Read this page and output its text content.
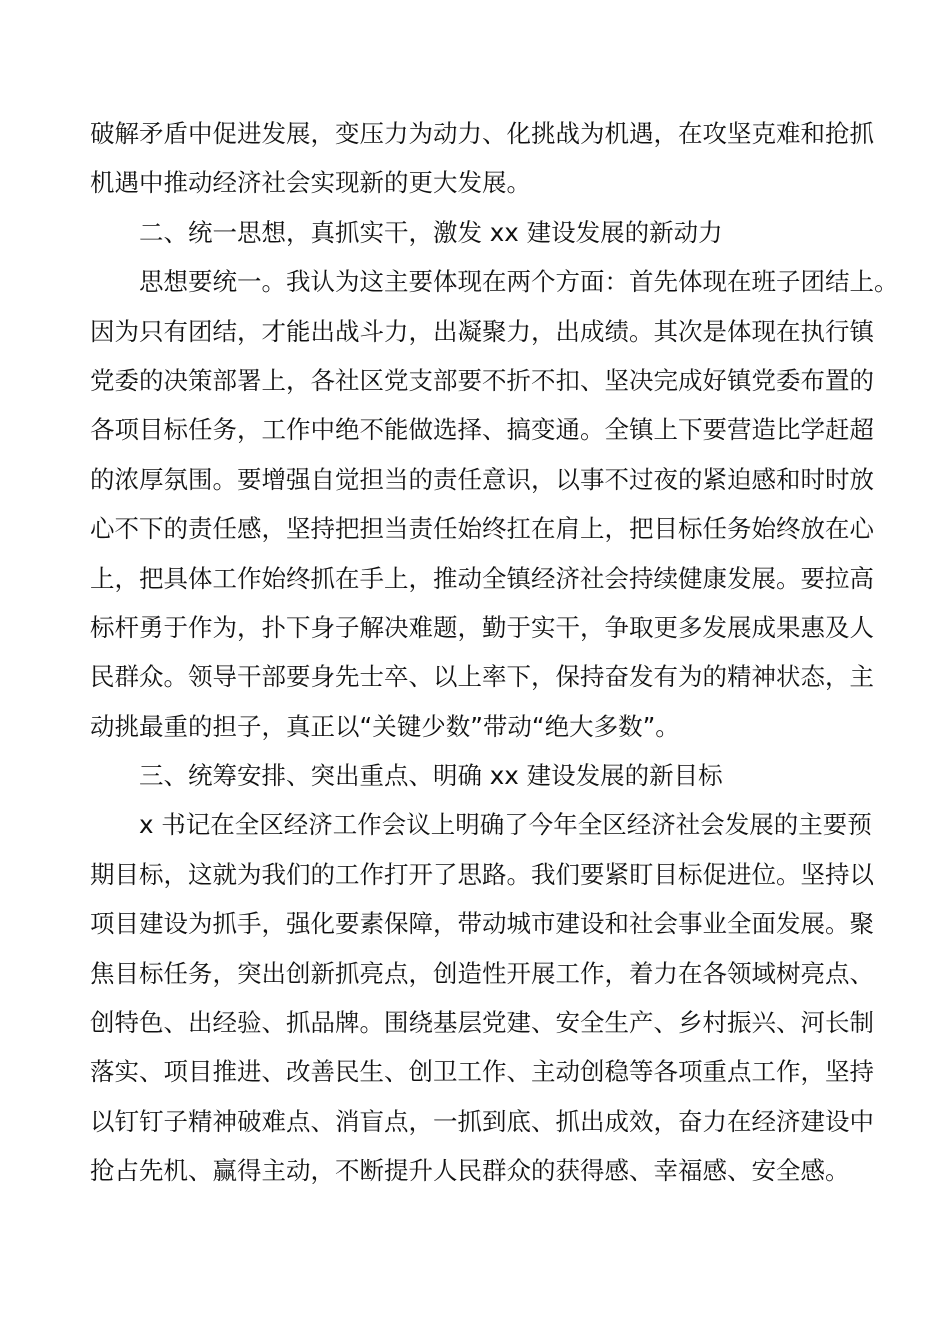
破解矛盾中促进发展，变压力为动力、化挑战为机遇，在攻坚克难和抢抓
机遇中推动经济社会实现新的更大发展。
二、统一思想，真抓实干，激发 xx 建设发展的新动力
思想要统一。我认为这主要体现在两个方面：首先体现在班子团结上。
因为只有团结，才能出战斗力，出凝聚力，出成绩。其次是体现在执行镇
党委的决策部署上，各社区党支部要不折不扣、坚决完成好镇党委布置的
各项目标任务，工作中绝不能做选择、搞变通。全镇上下要营造比学赶超
的浓厚氛围。要增强自觉担当的责任意识，以事不过夜的紧迫感和时时放
心不下的责任感，坚持把担当责任始终扛在肩上，把目标任务始终放在心
上，把具体工作始终抓在手上，推动全镇经济社会持续健康发展。要拉高
标杆勇于作为，扑下身子解决难题，勤于实干，争取更多发展成果惠及人
民群众。领导干部要身先士卒、以上率下，保持奋发有为的精神状态，主
动挑最重的担子，真正以“关键少数”带动“绝大多数”。
三、统筹安排、突出重点、明确 xx 建设发展的新目标
x 书记在全区经济工作会议上明确了今年全区经济社会发展的主要预
期目标，这就为我们的工作打开了思路。我们要紧盯目标促进位。坚持以
项目建设为抓手，强化要素保障，带动城市建设和社会事业全面发展。聚
焦目标任务，突出创新抓亮点，创造性开展工作，着力在各领域树亮点、
创特色、出经验、抓品牌。围绕基层党建、安全生产、乡村振兴、河长制
落实、项目推进、改善民生、创卫工作、主动创稳等各项重点工作，坚持
以钉钉子精神破难点、消盲点，一抓到底、抓出成效，奋力在经济建设中
抢占先机、赢得主动，不断提升人民群众的获得感、幸福感、安全感。
